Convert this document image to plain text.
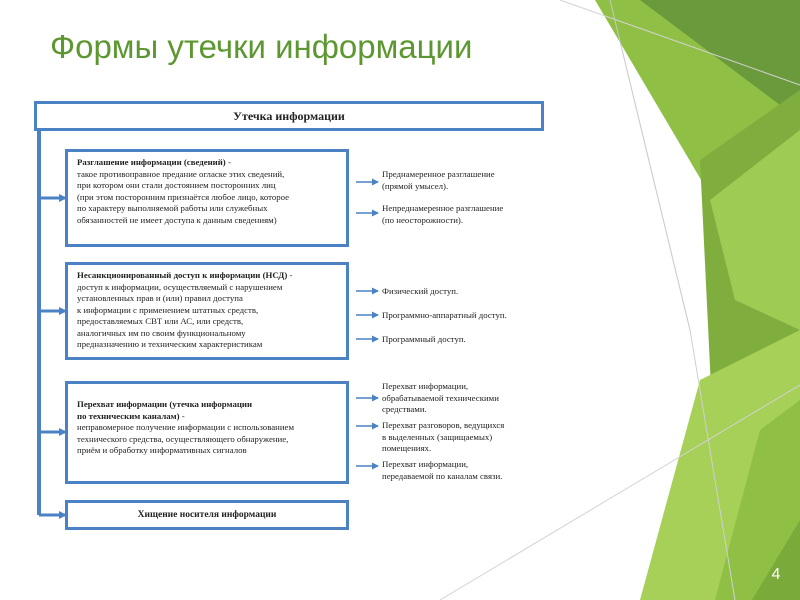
Формы утечки информации
Утечка информации
Разглашение информации (сведений) -
такое противоправное предание огласке этих сведений,
при котором они стали достоянием посторонних лиц
(при этом посторонним признаётся любое лицо, которое
по характеру выполняемой работы или служебных
обязанностей не имеет доступа к данным сведениям)
Несанкционированный доступ к информации (НСД) -
доступ к информации, осуществляемый с нарушением
установленных прав и (или) правил доступа
к информации с применением штатных средств,
предоставляемых СВТ или АС, или средств,
аналогичных им по своим функциональному
предназначению и техническим характеристикам
Перехват информации (утечка информации
по техническим каналам) -
неправомерное получение информации с использованием
технического средства, осуществляющего обнаружение,
приём и обработку информативных сигналов
Хищение носителя информации
Преднамеренное разглашение
(прямой умысел).
Непреднамеренное разглашение
(по неосторожности).
Физический доступ.
Программно-аппаратный доступ.
Программный доступ.
Перехват информации,
обрабатываемой техническими
средствами.
Перехват разговоров, ведущихся
в выделенных (защищаемых)
помещениях.
Перехват информации,
передаваемой по каналам связи.
4
